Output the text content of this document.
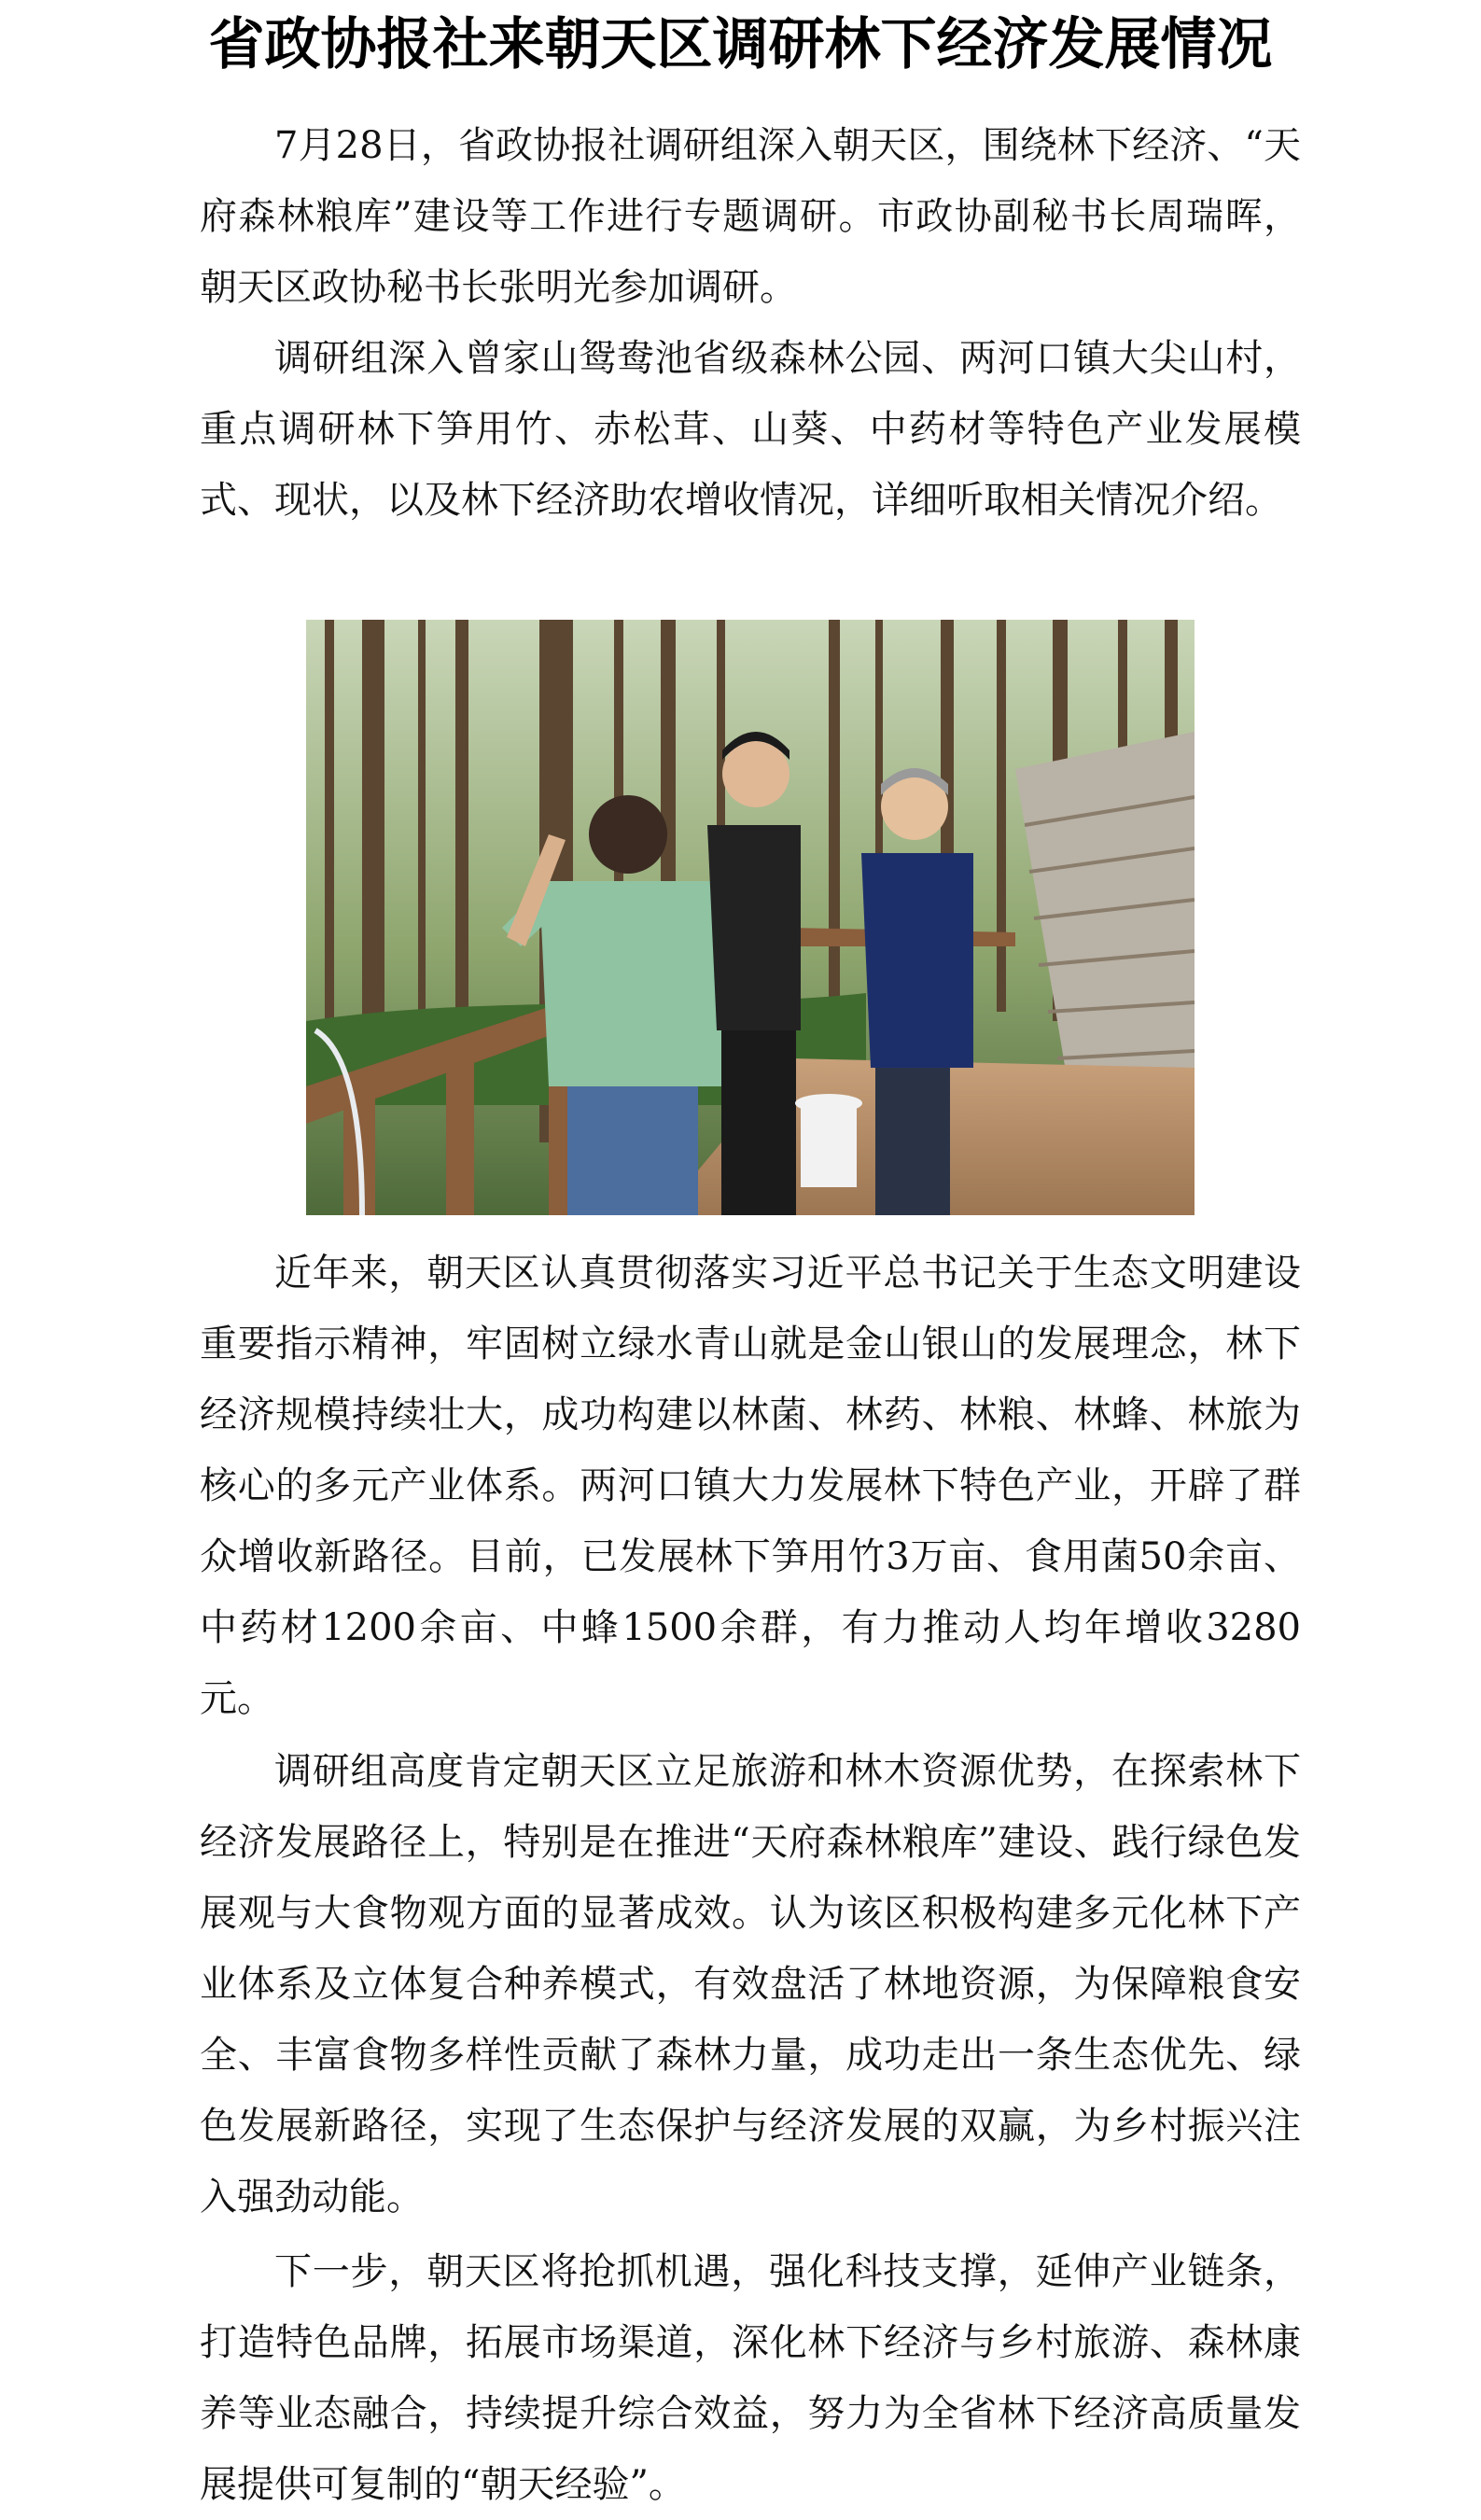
省政协报社来朝天区调研林下经济发展情况

7月28日，省政协报社调研组深入朝天区，围绕林下经济、“天府森林粮库”建设等工作进行专题调研。市政协副秘书长周瑞晖，朝天区政协秘书长张明光参加调研。

调研组深入曾家山鸳鸯池省级森林公园、两河口镇大尖山村，重点调研林下笋用竹、赤松茸、山葵、中药材等特色产业发展模式、现状，以及林下经济助农增收情况，详细听取相关情况介绍。

近年来，朝天区认真贯彻落实习近平总书记关于生态文明建设重要指示精神，牢固树立绿水青山就是金山银山的发展理念，林下经济规模持续壮大，成功构建以林菌、林药、林粮、林蜂、林旅为核心的多元产业体系。两河口镇大力发展林下特色产业，开辟了群众增收新路径。目前，已发展林下笋用竹3万亩、食用菌50余亩、中药材1200余亩、中蜂1500余群，有力推动人均年增收3280元。

调研组高度肯定朝天区立足旅游和林木资源优势，在探索林下经济发展路径上，特别是在推进“天府森林粮库”建设、践行绿色发展观与大食物观方面的显著成效。认为该区积极构建多元化林下产业体系及立体复合种养模式，有效盘活了林地资源，为保障粮食安全、丰富食物多样性贡献了森林力量，成功走出一条生态优先、绿色发展新路径，实现了生态保护与经济发展的双赢，为乡村振兴注入强劲动能。

下一步，朝天区将抢抓机遇，强化科技支撑，延伸产业链条，打造特色品牌，拓展市场渠道，深化林下经济与乡村旅游、森林康养等业态融合，持续提升综合效益，努力为全省林下经济高质量发展提供可复制的“朝天经验”。
